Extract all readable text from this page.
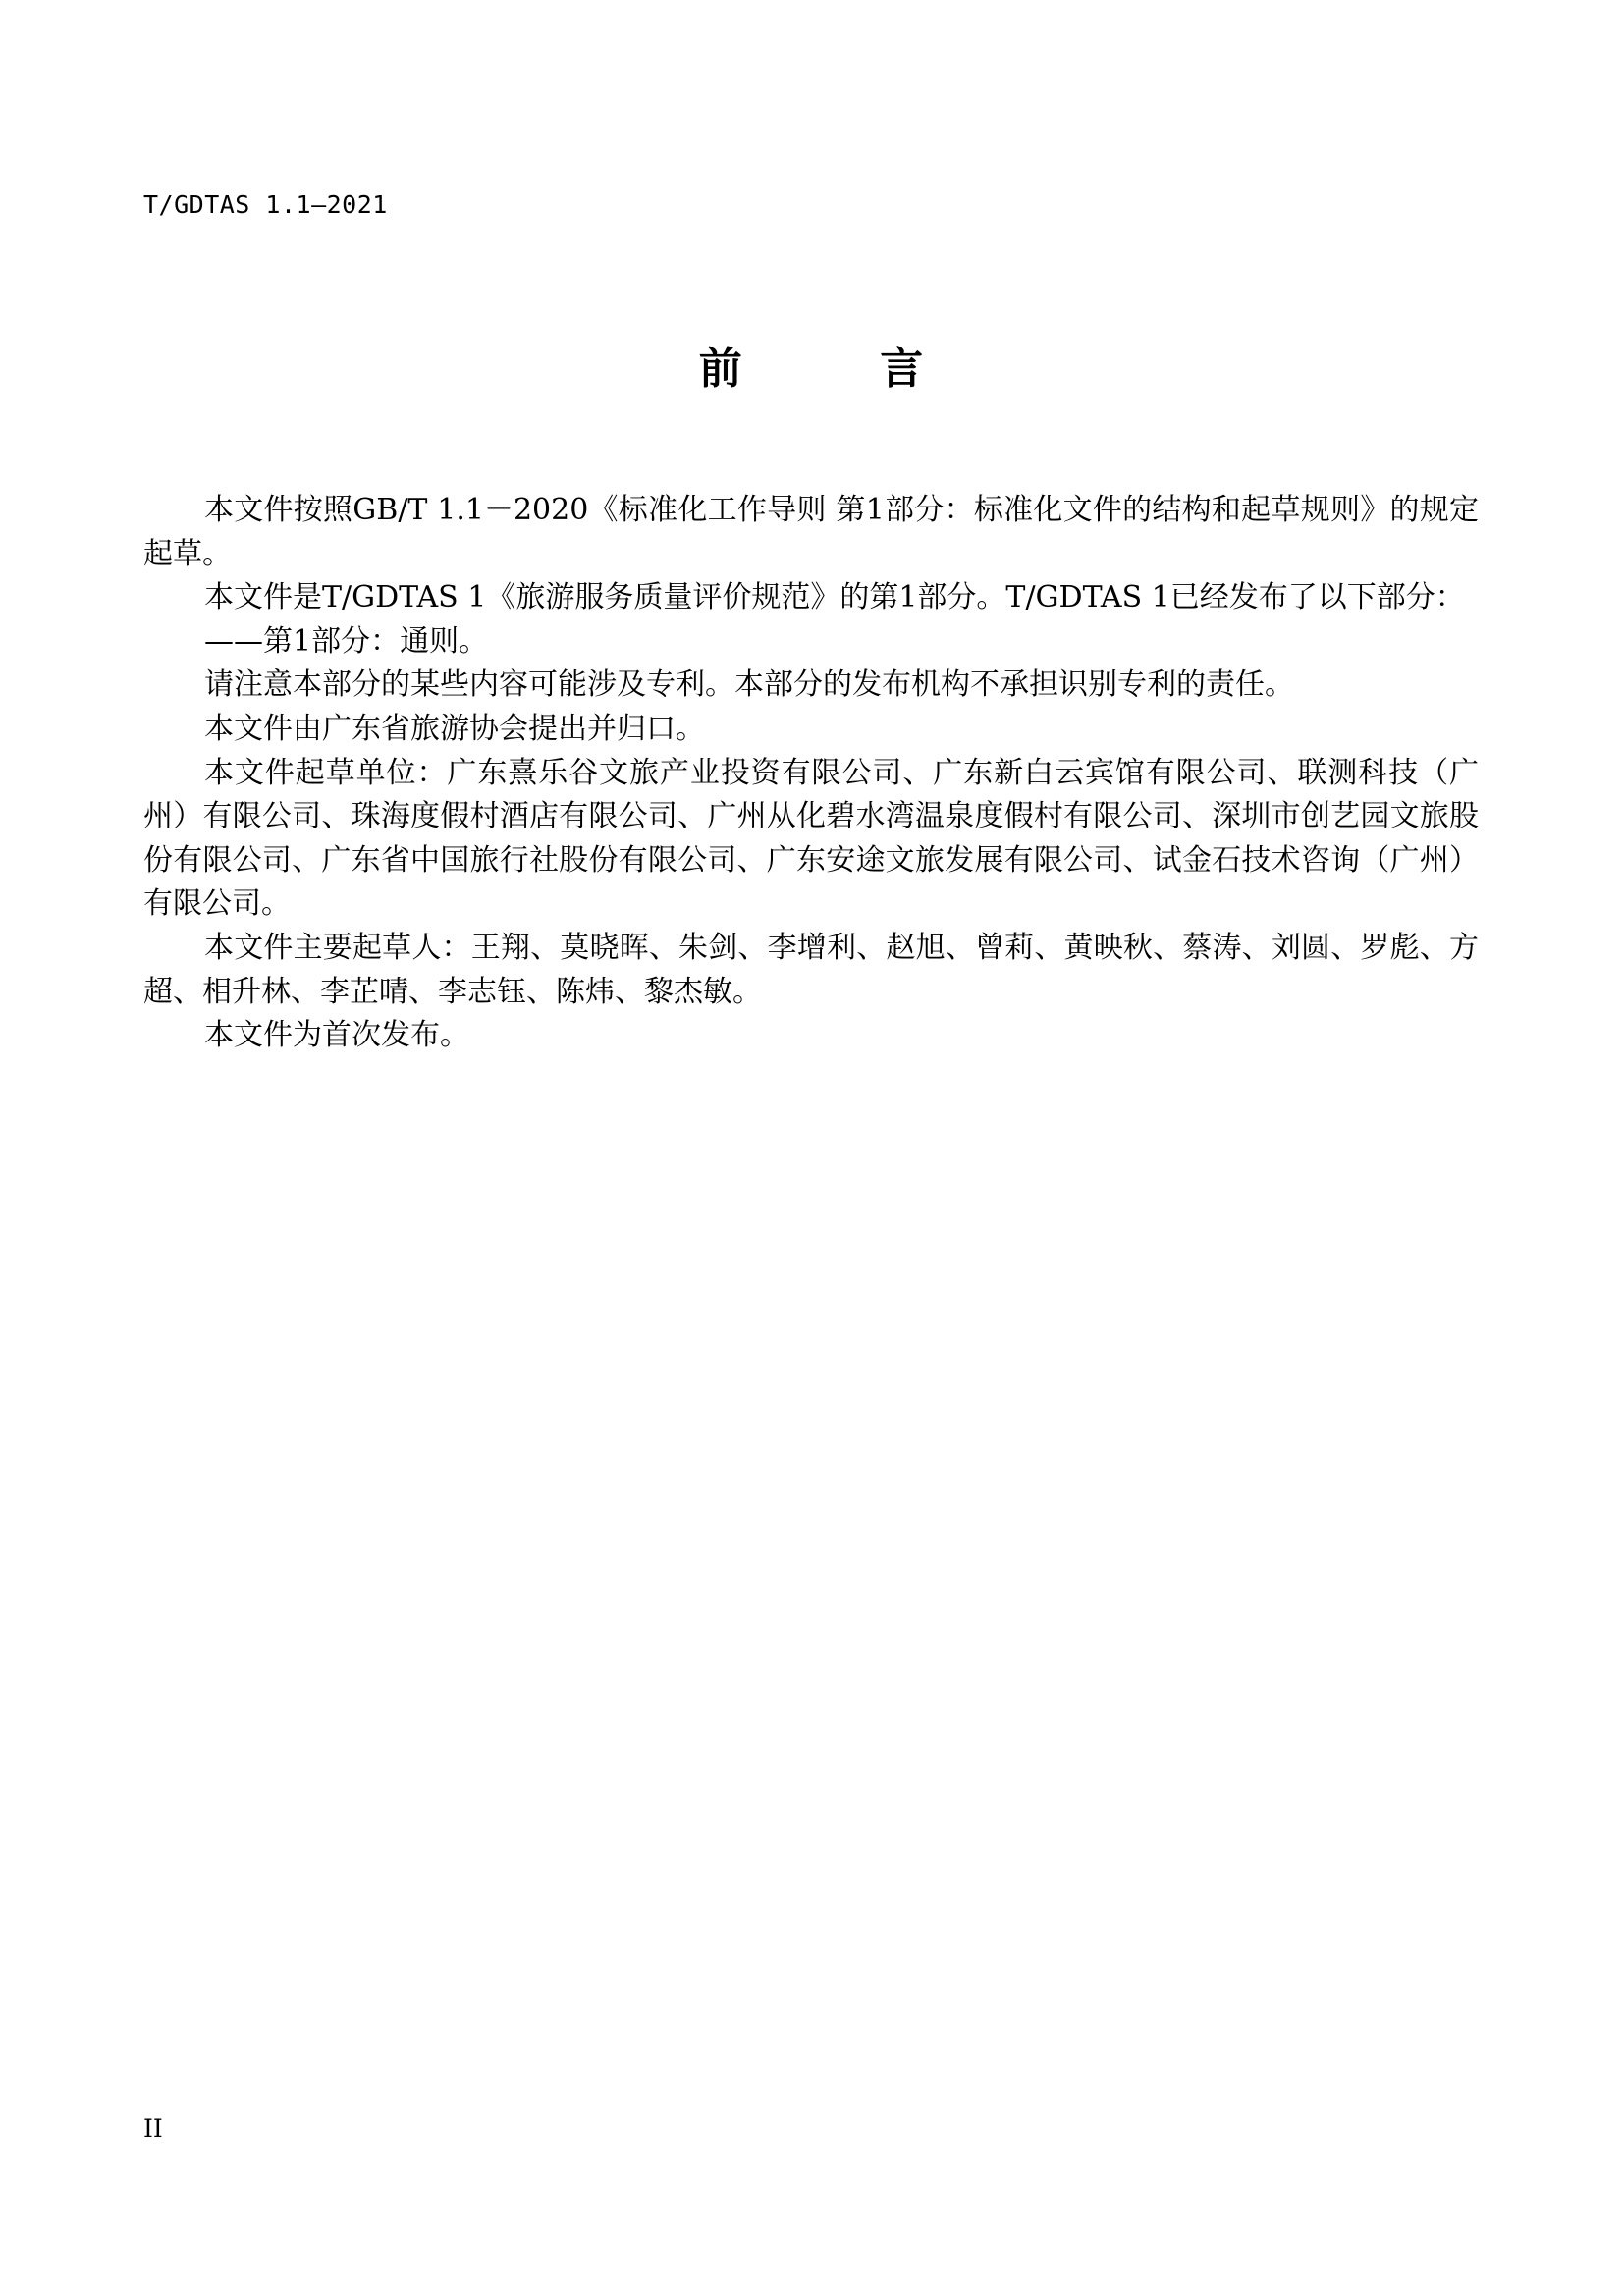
T/GDTAS 1.1—2021
前        言

本文件按照GB/T 1.1－2020《标准化工作导则 第1部分：标准化文件的结构和起草规则》的规定起草。

本文件是T/GDTAS 1《旅游服务质量评价规范》的第1部分。T/GDTAS 1已经发布了以下部分：

——第1部分：通则。

请注意本部分的某些内容可能涉及专利。本部分的发布机构不承担识别专利的责任。

本文件由广东省旅游协会提出并归口。

本文件起草单位：广东熹乐谷文旅产业投资有限公司、广东新白云宾馆有限公司、联测科技（广州）有限公司、珠海度假村酒店有限公司、广州从化碧水湾温泉度假村有限公司、深圳市创艺园文旅股份有限公司、广东省中国旅行社股份有限公司、广东安途文旅发展有限公司、试金石技术咨询（广州）有限公司。

本文件主要起草人：王翔、莫晓晖、朱剑、李增利、赵旭、曾莉、黄映秋、蔡涛、刘圆、罗彪、方超、相升林、李芷晴、李志钰、陈炜、黎杰敏。

本文件为首次发布。

II
